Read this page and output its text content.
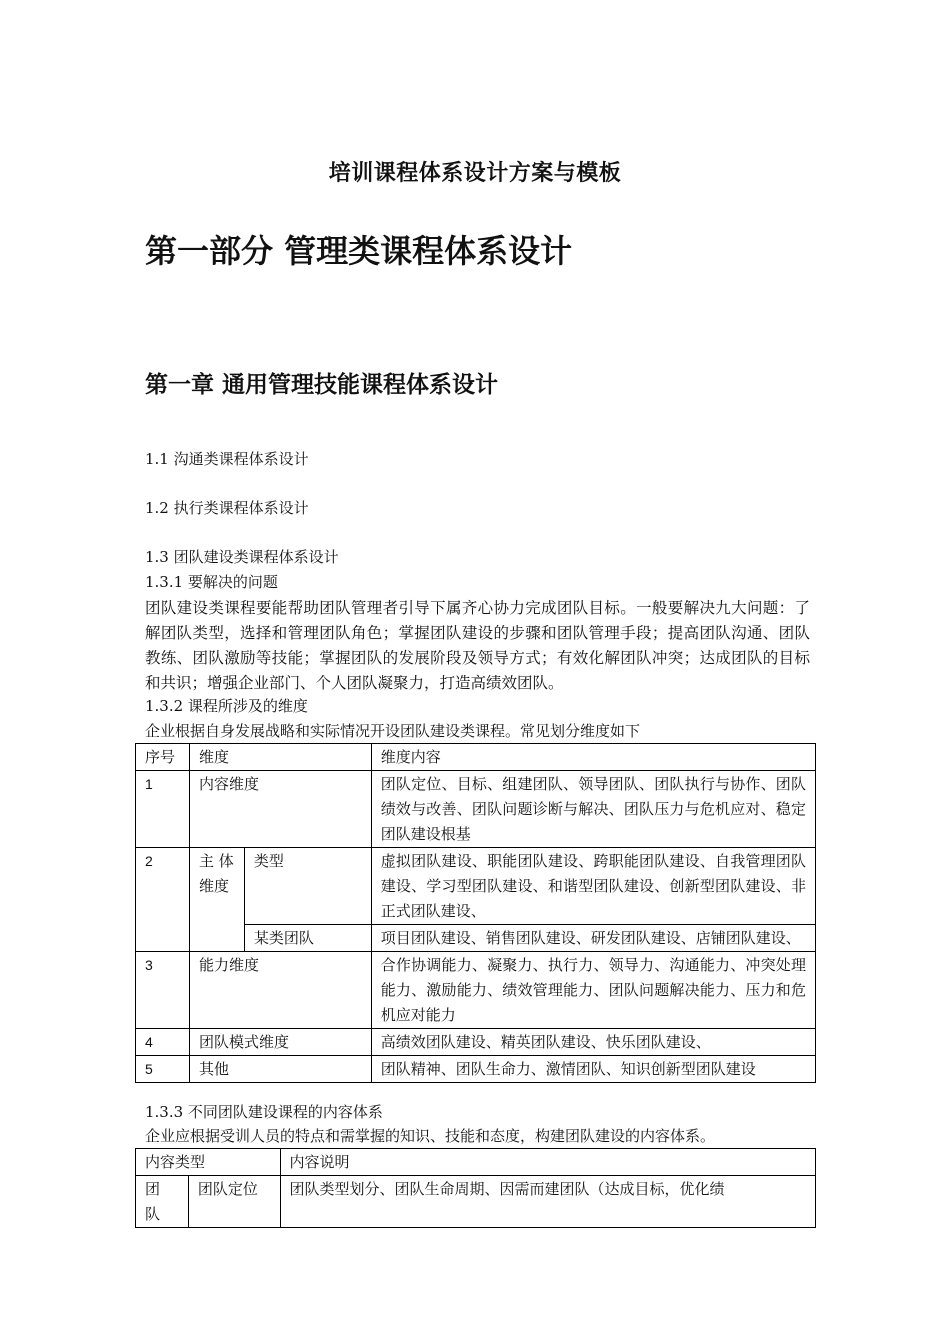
培训课程体系设计方案与模板
第一部分 管理类课程体系设计
第一章 通用管理技能课程体系设计
1.1 沟通类课程体系设计
1.2 执行类课程体系设计
1.3 团队建设类课程体系设计
1.3.1 要解决的问题
团队建设类课程要能帮助团队管理者引导下属齐心协力完成团队目标。一般要解决九大问题：了解团队类型，选择和管理团队角色；掌握团队建设的步骤和团队管理手段；提高团队沟通、团队教练、团队激励等技能；掌握团队的发展阶段及领导方式；有效化解团队冲突；达成团队的目标和共识；增强企业部门、个人团队凝聚力，打造高绩效团队。
1.3.2 课程所涉及的维度
企业根据自身发展战略和实际情况开设团队建设类课程。常见划分维度如下
序号	维度		维度内容
1	内容维度		团队定位、目标、组建团队、领导团队、团队执行与协作、团队绩效与改善、团队问题诊断与解决、团队压力与危机应对、稳定团队建设根基
2	主 体维度	类型	虚拟团队建设、职能团队建设、跨职能团队建设、自我管理团队建设、学习型团队建设、和谐型团队建设、创新型团队建设、非正式团队建设、
		某类团队	项目团队建设、销售团队建设、研发团队建设、店铺团队建设、
3	能力维度		合作协调能力、凝聚力、执行力、领导力、沟通能力、冲突处理能力、激励能力、绩效管理能力、团队问题解决能力、压力和危机应对能力
4	团队模式维度		高绩效团队建设、精英团队建设、快乐团队建设、
5	其他		团队精神、团队生命力、激情团队、知识创新型团队建设
1.3.3 不同团队建设课程的内容体系
企业应根据受训人员的特点和需掌握的知识、技能和态度，构建团队建设的内容体系。
内容类型		内容说明
团 队	团队定位	团队类型划分、团队生命周期、因需而建团队（达成目标，优化绩
